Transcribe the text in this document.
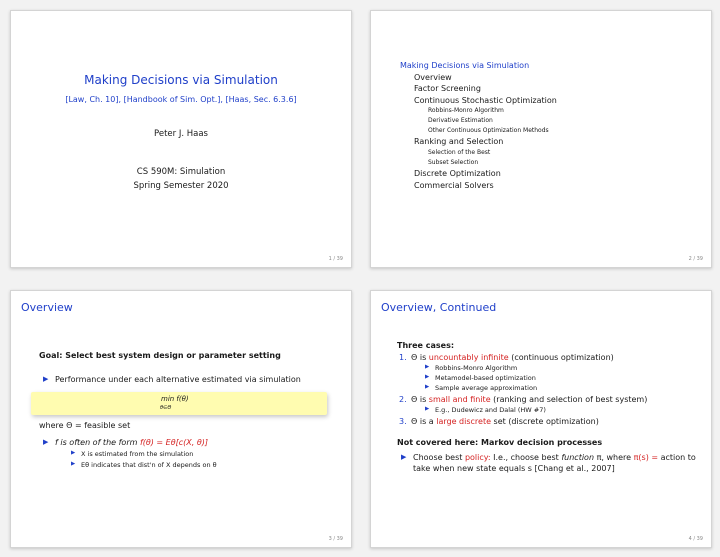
Making Decisions via Simulation
[Law, Ch. 10], [Handbook of Sim. Opt.], [Haas, Sec. 6.3.6]
Peter J. Haas
CS 590M: Simulation
Spring Semester 2020
1 / 39
Making Decisions via Simulation
Overview
Factor Screening
Continuous Stochastic Optimization
Robbins-Monro Algorithm
Derivative Estimation
Other Continuous Optimization Methods
Ranking and Selection
Selection of the Best
Subset Selection
Discrete Optimization
Commercial Solvers
2 / 39
Overview
Goal: Select best system design or parameter setting
▶ Performance under each alternative estimated via simulation
min f(θ)
θ∈Θ
where Θ = feasible set
▶ f is often of the form f(θ) = Eθ[c(X, θ)]
▶ X is estimated from the simulation
▶ Eθ indicates that dist'n of X depends on θ
3 / 39
Overview, Continued
Three cases:
1. Θ is uncountably infinite (continuous optimization)
▶ Robbins-Monro Algorithm
▶ Metamodel-based optimization
▶ Sample average approximation
2. Θ is small and finite (ranking and selection of best system)
▶ E.g., Dudewicz and Dalal (HW #7)
3. Θ is a large discrete set (discrete optimization)
Not covered here: Markov decision processes
▶ Choose best policy: I.e., choose best function π, where π(s) = action to take when new state equals s [Chang et al., 2007]
4 / 39
